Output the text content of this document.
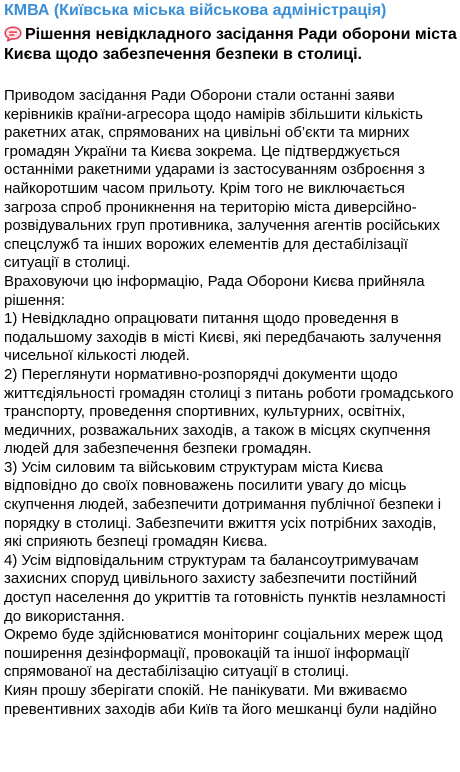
КМВА (Київська міська військова адміністрація)
Рішення невідкладного засідання Ради оборони міста Києва щодо забезпечення безпеки в столиці.

Приводом засідання Ради Оборони стали останні заяви керівників країни-агресора щодо намірів збільшити кількість ракетних атак, спрямованих на цивільні об’єкти та мирних громадян України та Києва зокрема. Це підтверджується останніми ракетними ударами із застосуванням озброєння з найкоротшим часом прильоту. Крім того не виключається загроза спроб проникнення на територію міста диверсійно-розвідувальних груп противника, залучення агентів російських спецслужб та інших ворожих елементів для дестабілізації ситуації в столиці.

Враховуючи цю інформацію, Рада Оборони Києва прийняла рішення:

1) Невідкладно опрацювати питання щодо проведення в подальшому заходів в місті Києві, які передбачають залучення чисельної кількості людей.

2) Переглянути нормативно-розпорядчі документи щодо життєдіяльності громадян столиці з питань роботи громадського транспорту, проведення спортивних, культурних, освітніх, медичних, розважальних заходів, а також в місцях скупчення людей для забезпечення безпеки громадян.

3) Усім силовим та військовим структурам міста Києва відповідно до своїх повноважень посилити увагу до місць скупчення людей, забезпечити дотримання публічної безпеки і порядку в столиці. Забезпечити вжиття усіх потрібних заходів, які сприяють безпеці громадян Києва.

4) Усім відповідальним структурам та балансоутримувачам захисних споруд цивільного захисту забезпечити постійний доступ населення до укриттів та готовність пунктів незламності до використання.

Окремо буде здійснюватися моніторинг соціальних мереж щод поширення дезінформації, провокацій та іншої інформації спрямованої на дестабілізацію ситуації в столиці.

Киян прошу зберігати спокій. Не панікувати. Ми вживаємо превентивних заходів аби Київ та його мешканці були надійно
